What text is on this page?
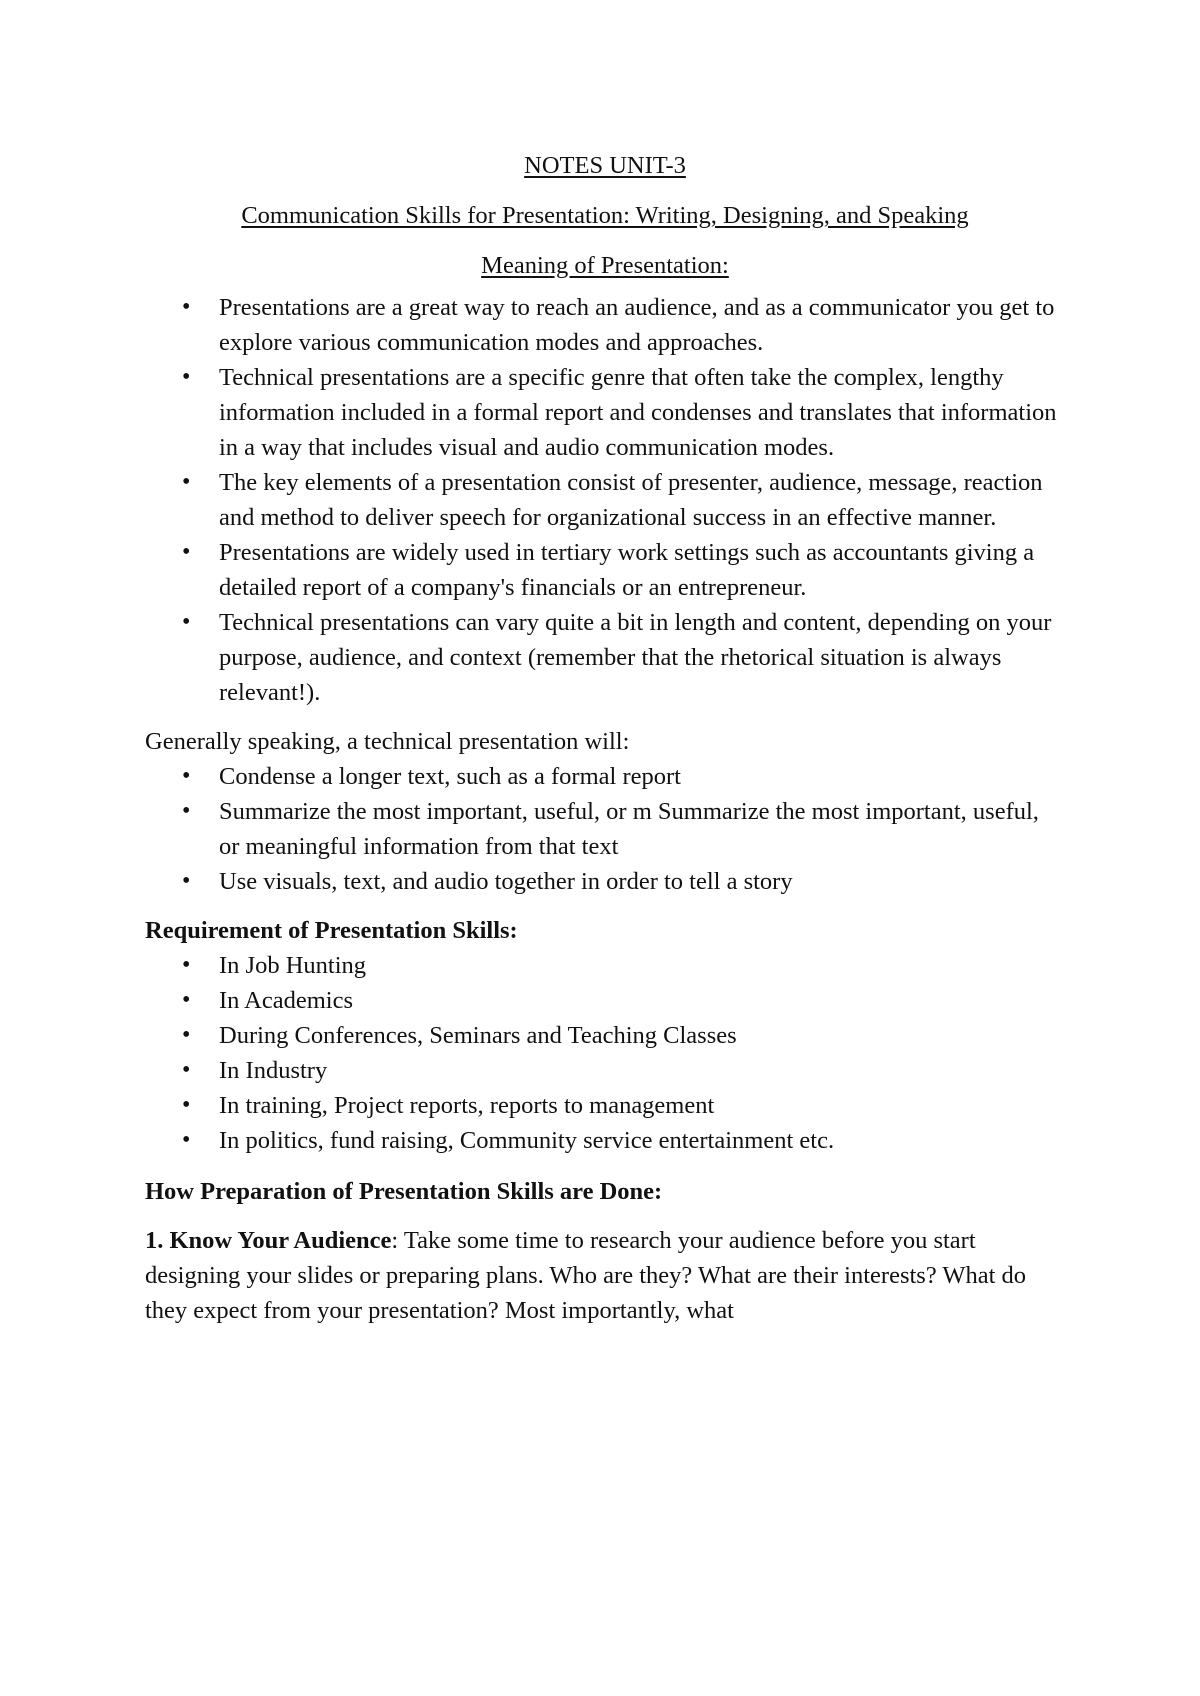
NOTES UNIT-3
Communication Skills for Presentation: Writing, Designing, and Speaking
Meaning of Presentation:
• Presentations are a great way to reach an audience, and as a communicator you get to explore various communication modes and approaches.
• Technical presentations are a specific genre that often take the complex, lengthy information included in a formal report and condenses and translates that information in a way that includes visual and audio communication modes.
• The key elements of a presentation consist of presenter, audience, message, reaction and method to deliver speech for organizational success in an effective manner.
• Presentations are widely used in tertiary work settings such as accountants giving a detailed report of a company's financials or an entrepreneur.
• Technical presentations can vary quite a bit in length and content, depending on your purpose, audience, and context (remember that the rhetorical situation is always relevant!).

Generally speaking, a technical presentation will:

• Condense a longer text, such as a formal report
• Summarize the most important, useful, or m Summarize the most important, useful, or meaningful information from that text
• Use visuals, text, and audio together in order to tell a story

Requirement of Presentation Skills:

• In Job Hunting
• In Academics
• During Conferences, Seminars and Teaching Classes
• In Industry
• In training, Project reports, reports to management
• In politics, fund raising, Community service entertainment etc.

How Preparation of Presentation Skills are Done:

1. Know Your Audience: Take some time to research your audience before you start designing your slides or preparing plans. Who are they? What are their interests? What do they expect from your presentation? Most importantly, what
